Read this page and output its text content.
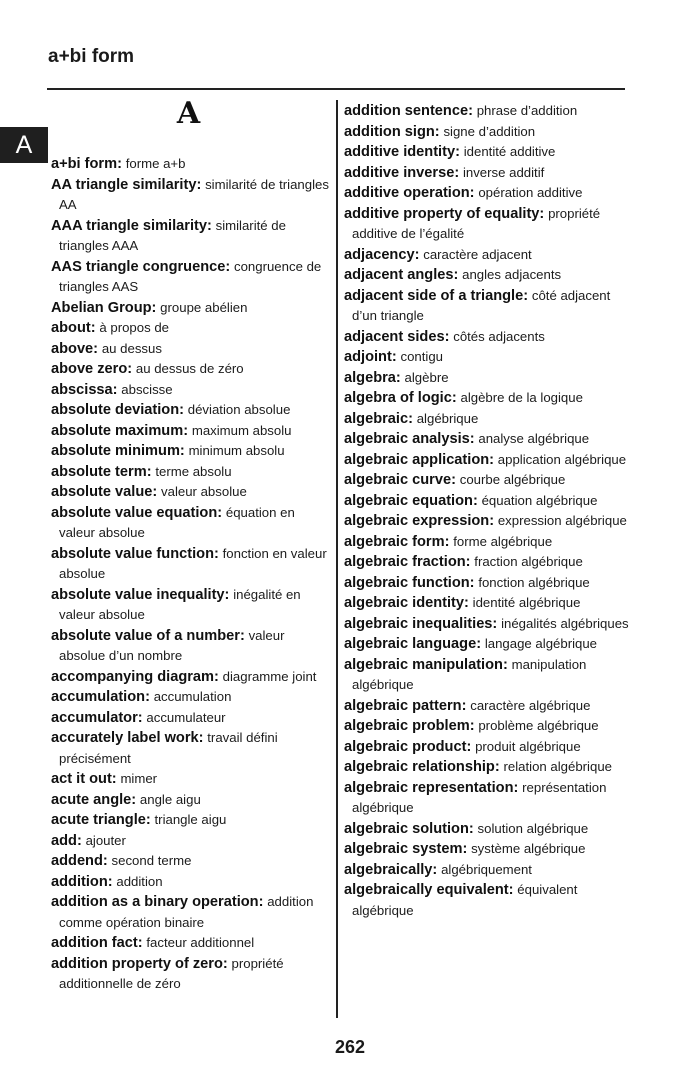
a+bi form
A
A
a+bi form: forme a+b
AA triangle similarity: similarité de triangles AA
AAA triangle similarity: similarité de triangles AAA
AAS triangle congruence: congruence de triangles AAS
Abelian Group: groupe abélien
about: à propos de
above: au dessus
above zero: au dessus de zéro
abscissa: abscisse
absolute deviation: déviation absolue
absolute maximum: maximum absolu
absolute minimum: minimum absolu
absolute term: terme absolu
absolute value: valeur absolue
absolute value equation: équation en valeur absolue
absolute value function: fonction en valeur absolue
absolute value inequality: inégalité en valeur absolue
absolute value of a number: valeur absolue d’un nombre
accompanying diagram: diagramme joint
accumulation: accumulation
accumulator: accumulateur
accurately label work: travail défini précisément
act it out: mimer
acute angle: angle aigu
acute triangle: triangle aigu
add: ajouter
addend: second terme
addition: addition
addition as a binary operation: addition comme opération binaire
addition fact: facteur additionnel
addition property of zero: propriété additionnelle de zéro
addition sentence: phrase d’addition
addition sign: signe d’addition
additive identity: identité additive
additive inverse: inverse additif
additive operation: opération additive
additive property of equality: propriété additive de l’égalité
adjacency: caractère adjacent
adjacent angles: angles adjacents
adjacent side of a triangle: côté adjacent d’un triangle
adjacent sides: côtés adjacents
adjoint: contigu
algebra: algèbre
algebra of logic: algèbre de la logique
algebraic: algébrique
algebraic analysis: analyse algébrique
algebraic application: application algébrique
algebraic curve: courbe algébrique
algebraic equation: équation algébrique
algebraic expression: expression algébrique
algebraic form: forme algébrique
algebraic fraction: fraction algébrique
algebraic function: fonction algébrique
algebraic identity: identité algébrique
algebraic inequalities: inégalités algébriques
algebraic language: langage algébrique
algebraic manipulation: manipulation algébrique
algebraic pattern: caractère algébrique
algebraic problem: problème algébrique
algebraic product: produit algébrique
algebraic relationship: relation algébrique
algebraic representation: représentation algébrique
algebraic solution: solution algébrique
algebraic system: système algébrique
algebraically: algébriquement
algebraically equivalent: équivalent algébrique
262
